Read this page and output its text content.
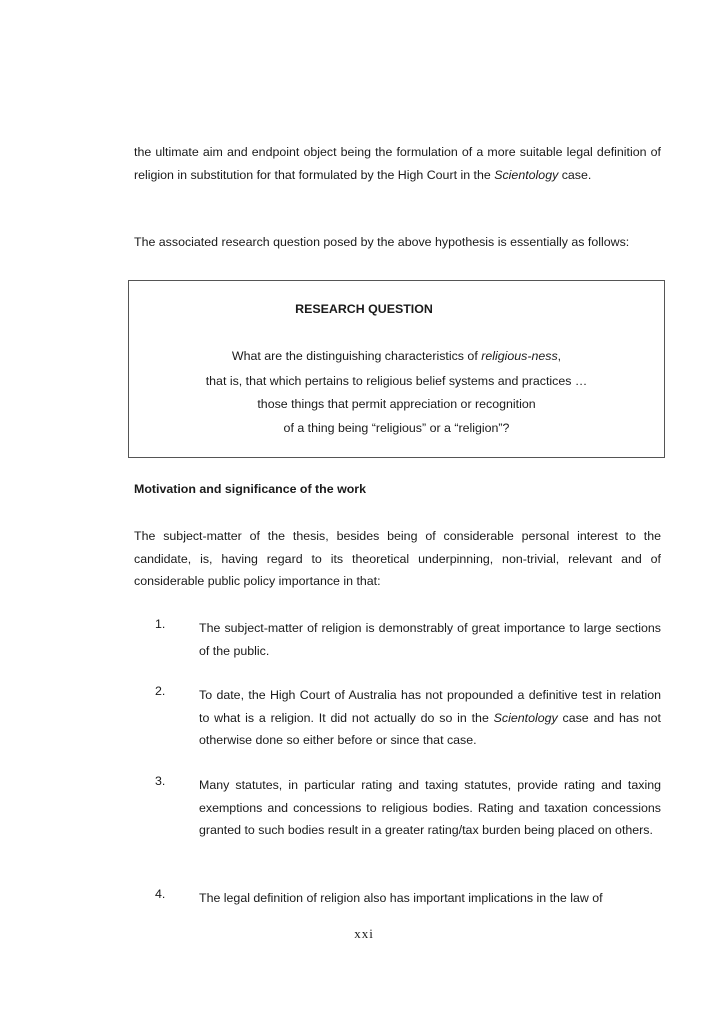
the ultimate aim and endpoint object being the formulation of a more suitable legal definition of religion in substitution for that formulated by the High Court in the Scientology case.

The associated research question posed by the above hypothesis is essentially as follows:

RESEARCH QUESTION
What are the distinguishing characteristics of religious-ness,
that is, that which pertains to religious belief systems and practices …
those things that permit appreciation or recognition
of a thing being “religious” or a “religion”?
Motivation and significance of the work

The subject-matter of the thesis, besides being of considerable personal interest to the candidate, is, having regard to its theoretical underpinning, non-trivial, relevant and of considerable public policy importance in that:

1.	The subject-matter of religion is demonstrably of great importance to large sections of the public.
2.	To date, the High Court of Australia has not propounded a definitive test in relation to what is a religion. It did not actually do so in the Scientology case and has not otherwise done so either before or since that case.
3.	Many statutes, in particular rating and taxing statutes, provide rating and taxing exemptions and concessions to religious bodies. Rating and taxation concessions granted to such bodies result in a greater rating/tax burden being placed on others.
4.	The legal definition of religion also has important implications in the law of
xxi
